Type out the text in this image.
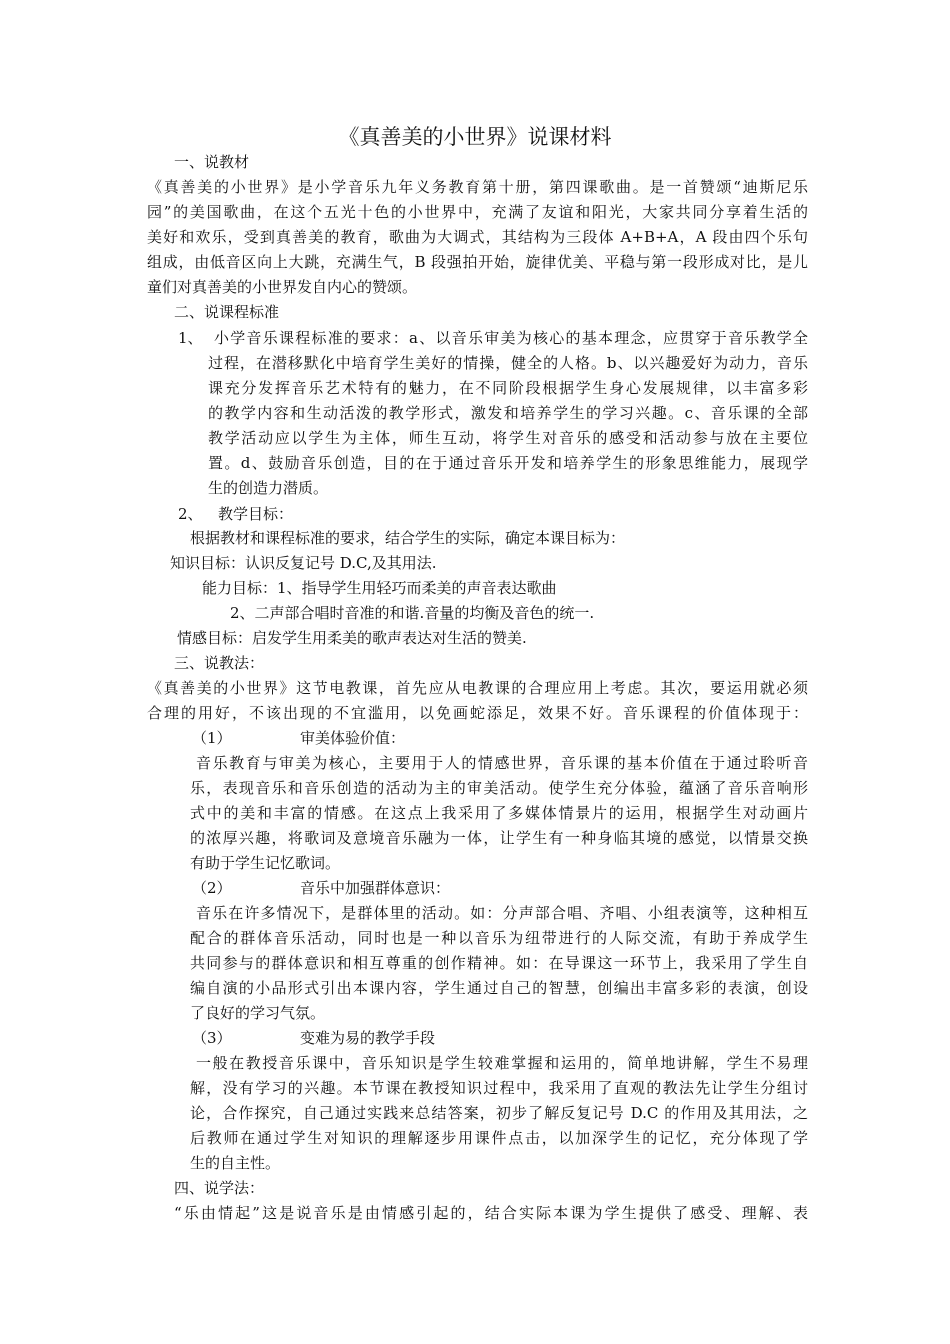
《真善美的小世界》说课材料
一、说教材
《真善美的小世界》是小学音乐九年义务教育第十册，第四课歌曲。是一首赞颂“迪斯尼乐
园”的美国歌曲，在这个五光十色的小世界中，充满了友谊和阳光，大家共同分享着生活的
美好和欢乐，受到真善美的教育，歌曲为大调式，其结构为三段体 A+B+A，A 段由四个乐句
组成，由低音区向上大跳，充满生气，B 段强拍开始，旋律优美、平稳与第一段形成对比，是儿
童们对真善美的小世界发自内心的赞颂。
二、说课程标准
1、 小学音乐课程标准的要求：a、以音乐审美为核心的基本理念，应贯穿于音乐教学全
过程，在潜移默化中培育学生美好的情操，健全的人格。b、以兴趣爱好为动力，音乐
课充分发挥音乐艺术特有的魅力，在不同阶段根据学生身心发展规律，以丰富多彩
的教学内容和生动活泼的教学形式，激发和培养学生的学习兴趣。c、音乐课的全部
教学活动应以学生为主体，师生互动，将学生对音乐的感受和活动参与放在主要位
置。d、鼓励音乐创造，目的在于通过音乐开发和培养学生的形象思维能力，展现学
生的创造力潜质。
2、 教学目标：
根据教材和课程标准的要求，结合学生的实际，确定本课目标为：
知识目标：认识反复记号 D.C,及其用法.
能力目标：1、指导学生用轻巧而柔美的声音表达歌曲
2、二声部合唱时音准的和谐.音量的均衡及音色的统一.
情感目标：启发学生用柔美的歌声表达对生活的赞美.
三、说教法：
《真善美的小世界》这节电教课，首先应从电教课的合理应用上考虑。其次，要运用就必须
合理的用好，不该出现的不宜滥用，以免画蛇添足，效果不好。音乐课程的价值体现于：
（1）	审美体验价值：
音乐教育与审美为核心，主要用于人的情感世界，音乐课的基本价值在于通过聆听音
乐，表现音乐和音乐创造的活动为主的审美活动。使学生充分体验，蕴涵了音乐音响形
式中的美和丰富的情感。在这点上我采用了多媒体情景片的运用，根据学生对动画片
的浓厚兴趣，将歌词及意境音乐融为一体，让学生有一种身临其境的感觉，以情景交换
有助于学生记忆歌词。
（2）	音乐中加强群体意识：
音乐在许多情况下，是群体里的活动。如：分声部合唱、齐唱、小组表演等，这种相互
配合的群体音乐活动，同时也是一种以音乐为纽带进行的人际交流，有助于养成学生
共同参与的群体意识和相互尊重的创作精神。如：在导课这一环节上，我采用了学生自
编自演的小品形式引出本课内容，学生通过自己的智慧，创编出丰富多彩的表演，创设
了良好的学习气氛。
（3）	变难为易的教学手段
一般在教授音乐课中，音乐知识是学生较难掌握和运用的，简单地讲解，学生不易理
解，没有学习的兴趣。本节课在教授知识过程中，我采用了直观的教法先让学生分组讨
论，合作探究，自己通过实践来总结答案，初步了解反复记号 D.C 的作用及其用法，之
后教师在通过学生对知识的理解逐步用课件点击，以加深学生的记忆，充分体现了学
生的自主性。
四、说学法：
“乐由情起”这是说音乐是由情感引起的，结合实际本课为学生提供了感受、理解、表
